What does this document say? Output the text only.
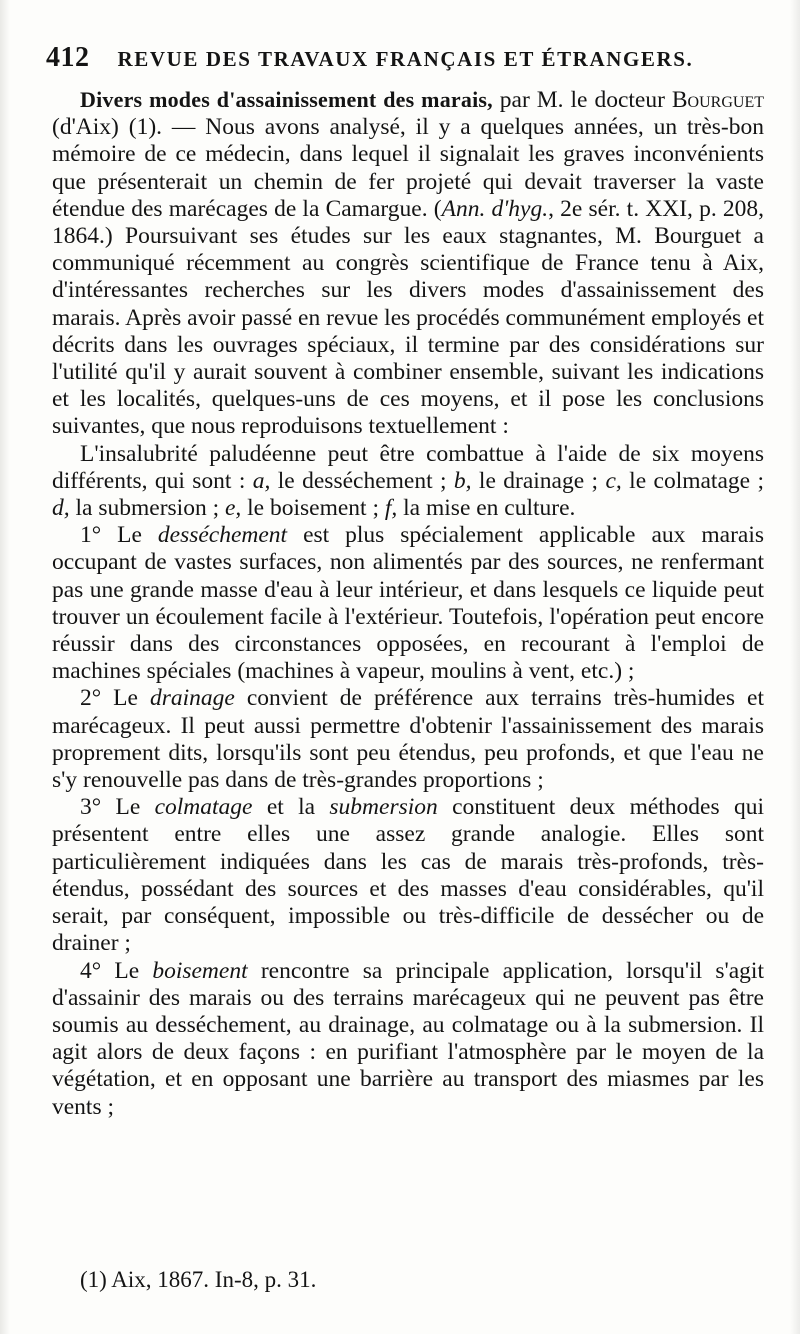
412 REVUE DES TRAVAUX FRANÇAIS ET ÉTRANGERS.

Divers modes d'assainissement des marais, par M. le docteur Bourguet (d'Aix) (1). — Nous avons analysé, il y a quelques années, un très-bon mémoire de ce médecin, dans lequel il signalait les graves inconvénients que présenterait un chemin de fer projeté qui devait traverser la vaste étendue des marécages de la Camargue. (Ann. d'hyg., 2e sér. t. XXI, p. 208, 1864.) Poursuivant ses études sur les eaux stagnantes, M. Bourguet a communiqué récemment au congrès scientifique de France tenu à Aix, d'intéressantes recherches sur les divers modes d'assainissement des marais. Après avoir passé en revue les procédés communément employés et décrits dans les ouvrages spéciaux, il termine par des considérations sur l'utilité qu'il y aurait souvent à combiner ensemble, suivant les indications et les localités, quelques-uns de ces moyens, et il pose les conclusions suivantes, que nous reproduisons textuellement :

L'insalubrité paludéenne peut être combattue à l'aide de six moyens différents, qui sont : a, le desséchement ; b, le drainage ; c, le colmatage ; d, la submersion ; e, le boisement ; f, la mise en culture.

1° Le desséchement est plus spécialement applicable aux marais occupant de vastes surfaces, non alimentés par des sources, ne renfermant pas une grande masse d'eau à leur intérieur, et dans lesquels ce liquide peut trouver un écoulement facile à l'extérieur. Toutefois, l'opération peut encore réussir dans des circonstances opposées, en recourant à l'emploi de machines spéciales (machines à vapeur, moulins à vent, etc.) ;

2° Le drainage convient de préférence aux terrains très-humides et marécageux. Il peut aussi permettre d'obtenir l'assainissement des marais proprement dits, lorsqu'ils sont peu étendus, peu profonds, et que l'eau ne s'y renouvelle pas dans de très-grandes proportions ;

3° Le colmatage et la submersion constituent deux méthodes qui présentent entre elles une assez grande analogie. Elles sont particulièrement indiquées dans les cas de marais très-profonds, très-étendus, possédant des sources et des masses d'eau considérables, qu'il serait, par conséquent, impossible ou très-difficile de dessécher ou de drainer ;

4° Le boisement rencontre sa principale application, lorsqu'il s'agit d'assainir des marais ou des terrains marécageux qui ne peuvent pas être soumis au desséchement, au drainage, au colmatage ou à la submersion. Il agit alors de deux façons : en purifiant l'atmosphère par le moyen de la végétation, et en opposant une barrière au transport des miasmes par les vents ;

(1) Aix, 1867. In-8, p. 31.
